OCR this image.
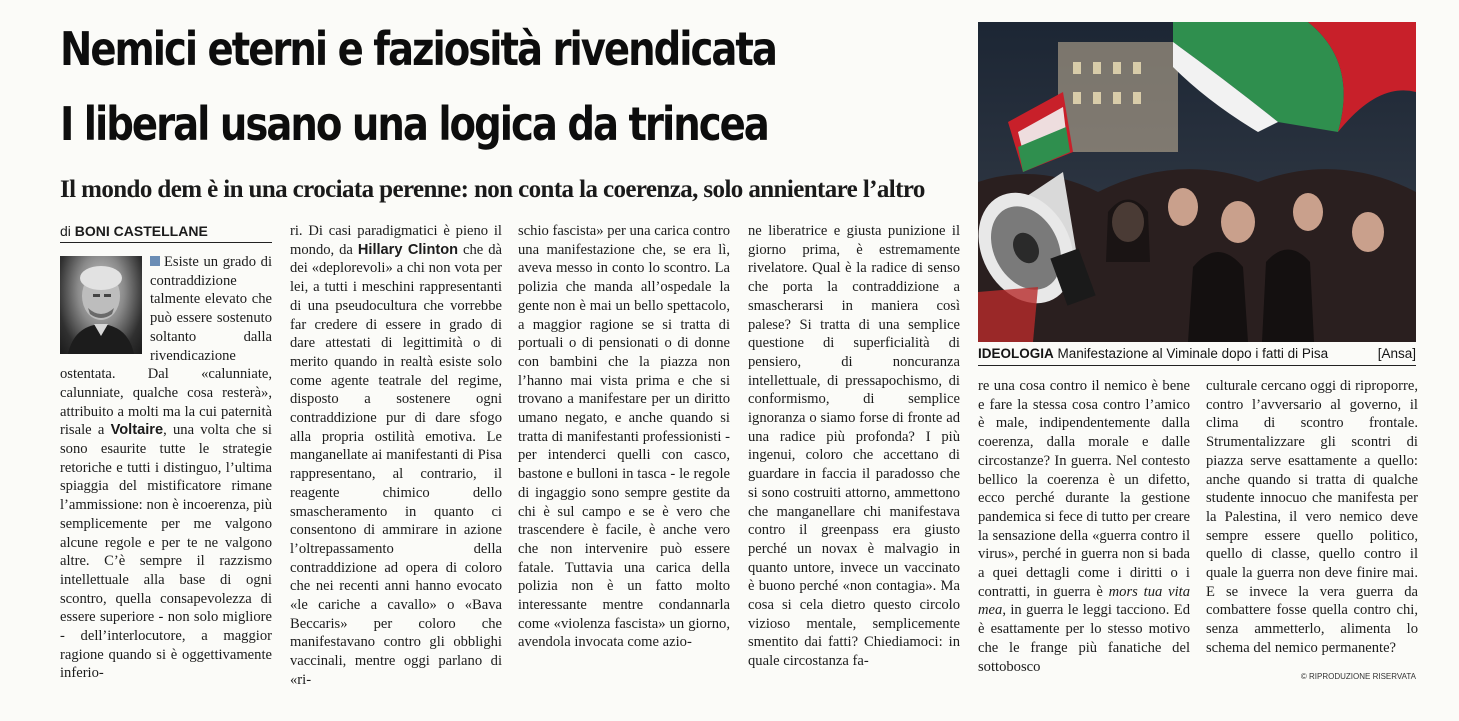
Nemici eterni e faziosità rivendicata
I liberal usano una logica da trincea
Il mondo dem è in una crociata perenne: non conta la coerenza, solo annientare l’altro
di BONI CASTELLANE

Esiste un grado di contraddizione talmente elevato che può essere sostenuto soltanto dalla rivendicazione ostentata. Dal «calunniate, calunniate, qualche cosa resterà», attribuito a molti ma la cui paternità risale a Voltaire, una volta che si sono esaurite tutte le strategie retoriche e tutti i distinguo, l’ultima spiaggia del mistificatore rimane l’ammissione: non è incoerenza, più semplicemente per me valgono alcune regole e per te ne valgono altre. C’è sempre il razzismo intellettuale alla base di ogni scontro, quella consapevolezza di essere superiore - non solo migliore - dell’interlocutore, a maggior ragione quando si è oggettivamente inferio-

ri. Di casi paradigmatici è pieno il mondo, da Hillary Clinton che dà dei «deplorevoli» a chi non vota per lei, a tutti i meschini rappresentanti di una pseudocultura che vorrebbe far credere di essere in grado di dare attestati di legittimità o di merito quando in realtà esiste solo come agente teatrale del regime, disposto a sostenere ogni contraddizione pur di dare sfogo alla propria ostilità emotiva. Le manganellate ai manifestanti di Pisa rappresentano, al contrario, il reagente chimico dello smascheramento in quanto ci consentono di ammirare in azione l’oltrepassamento della contraddizione ad opera di coloro che nei recenti anni hanno evocato «le cariche a cavallo» o «Bava Beccaris» per coloro che manifestavano contro gli obblighi vaccinali, mentre oggi parlano di «ri-

schio fascista» per una carica contro una manifestazione che, se era lì, aveva messo in conto lo scontro. La polizia che manda all’ospedale la gente non è mai un bello spettacolo, a maggior ragione se si tratta di portuali o di pensionati o di donne con bambini che la piazza non l’hanno mai vista prima e che si trovano a manifestare per un diritto umano negato, e anche quando si tratta di manifestanti professionisti - per intenderci quelli con casco, bastone e bulloni in tasca - le regole di ingaggio sono sempre gestite da chi è sul campo e se è vero che trascendere è facile, è anche vero che non intervenire può essere fatale. Tuttavia una carica della polizia non è un fatto molto interessante mentre condannarla come «violenza fascista» un giorno, avendola invocata come azio-

ne liberatrice e giusta punizione il giorno prima, è estremamente rivelatore. Qual è la radice di senso che porta la contraddizione a smascherarsi in maniera così palese? Si tratta di una semplice questione di superficialità di pensiero, di noncuranza intellettuale, di pressapochismo, di conformismo, di semplice ignoranza o siamo forse di fronte ad una radice più profonda? I più ingenui, coloro che accettano di guardare in faccia il paradosso che si sono costruiti attorno, ammettono che manganellare chi manifestava contro il greenpass era giusto perché un novax è malvagio in quanto untore, invece un vaccinato è buono perché «non contagia». Ma cosa si cela dietro questo circolo vizioso mentale, semplicemente smentito dai fatti? Chiediamoci: in quale circostanza fa-

IDEOLOGIA Manifestazione al Viminale dopo i fatti di Pisa	[Ansa]

re una cosa contro il nemico è bene e fare la stessa cosa contro l’amico è male, indipendentemente dalla coerenza, dalla morale e dalle circostanze? In guerra. Nel contesto bellico la coerenza è un difetto, ecco perché durante la gestione pandemica si fece di tutto per creare la sensazione della «guerra contro il virus», perché in guerra non si bada a quei dettagli come i diritti o i contratti, in guerra è mors tua vita mea, in guerra le leggi tacciono. Ed è esattamente per lo stesso motivo che le frange più fanatiche del sottobosco

culturale cercano oggi di riproporre, contro l’avversario al governo, il clima di scontro frontale. Strumentalizzare gli scontri di piazza serve esattamente a quello: anche quando si tratta di qualche studente innocuo che manifesta per la Palestina, il vero nemico deve sempre essere quello politico, quello di classe, quello contro il quale la guerra non deve finire mai. E se invece la vera guerra da combattere fosse quella contro chi, senza ammetterlo, alimenta lo schema del nemico permanente?

© RIPRODUZIONE RISERVATA
